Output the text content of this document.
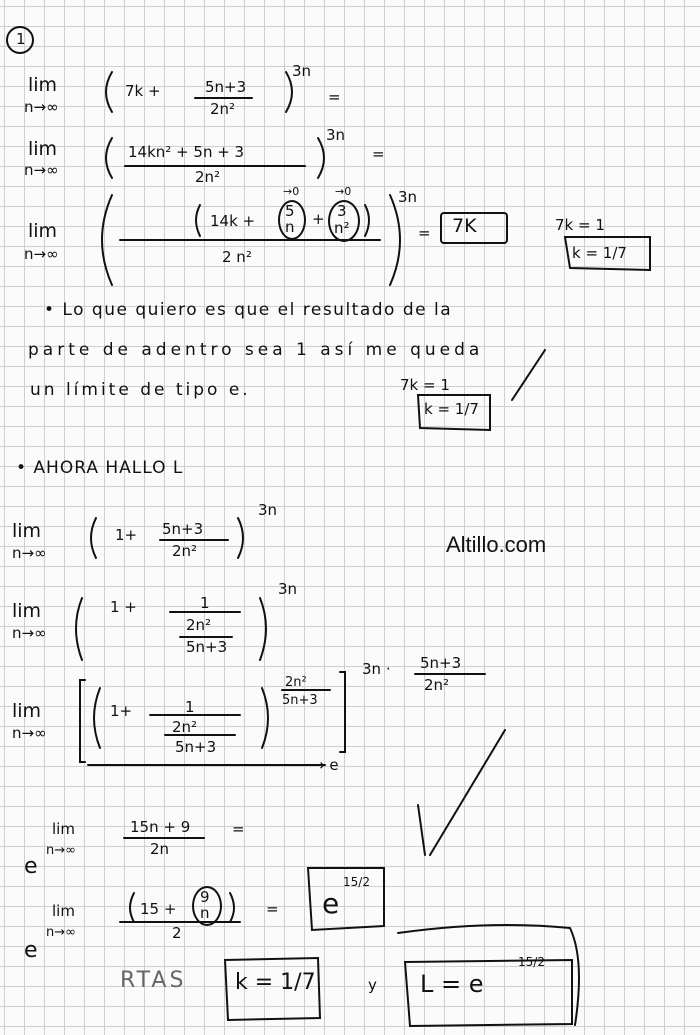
1
lim
n→∞
7k +	5n+3
2n²
3n
=
lim
n→∞
14kn² + 5n + 3
2n²
3n
=
lim
n→∞
14k +
5
n + 3
n²
→0	→0
2 n²
3n
= 7K	7k = 1
k = 1/7
• Lo que quiero es que el resultado de la
parte de adentro sea 1 así me queda
un límite de tipo e.	7k = 1
k = 1/7
• AHORA HALLO L
lim
n→∞
1+ 5n+3
2n²
3n
Altillo.com
lim
n→∞
1 +	1
2n²
5n+3
3n
lim
n→∞
1+	1
2n²
5n+3
2n²
5n+3
3n · 5n+3
2n²
→ e
e
lim
n→∞
15n + 9
2n
=
e
lim
n→∞
15 +
9
n
2
= e
15/2
RTAS k = 1/7	y L = e
15/2
